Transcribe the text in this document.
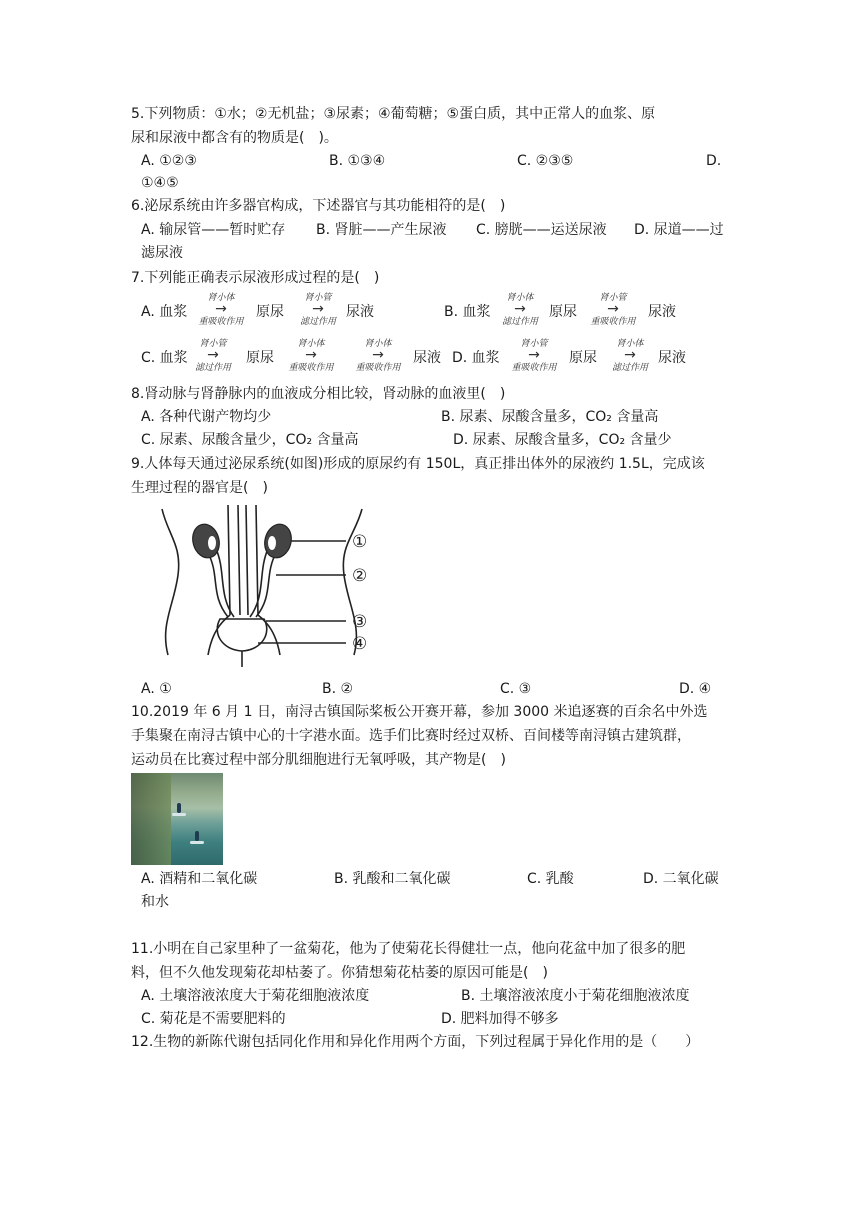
5.下列物质：①水；②无机盐；③尿素；④葡萄糖；⑤蛋白质，其中正常人的血浆、原
尿和尿液中都含有的物质是(　)。
A. ①②③	B. ①③④	C. ②③⑤	D.
①④⑤
6.泌尿系统由许多器官构成，下述器官与其功能相符的是(　)
A. 输尿管——暂时贮存 B. 肾脏——产生尿液 C. 膀胱——运送尿液 D. 尿道——过
滤尿液
7.下列能正确表示尿液形成过程的是(　)
A. 血浆
肾小体
→
重吸收作用
原尿
肾小管
→
滤过作用
尿液	B. 血浆
肾小体
→
滤过作用
原尿
肾小管
→
重吸收作用
尿液
C. 血浆
肾小管
→
滤过作用
原尿
肾小体
→
重吸收作用
肾小体
→
重吸收作用
尿液 D. 血浆
肾小管
→
重吸收作用
原尿
肾小体
→
滤过作用
尿液
8.肾动脉与肾静脉内的血液成分相比较，肾动脉的血液里(　)
A. 各种代谢产物均少	B. 尿素、尿酸含量多，CO₂ 含量高
C. 尿素、尿酸含量少，CO₂ 含量高	D. 尿素、尿酸含量多，CO₂ 含量少
9.人体每天通过泌尿系统(如图)形成的原尿约有 150L，真正排出体外的尿液约 1.5L，完成该
生理过程的器官是(　)
①
②
③
④
A. ①	B. ②	C. ③	D. ④
10.2019 年 6 月 1 日，南浔古镇国际桨板公开赛开幕，参加 3000 米追逐赛的百余名中外选
手集聚在南浔古镇中心的十字港水面。选手们比赛时经过双桥、百间楼等南浔镇古建筑群，
运动员在比赛过程中部分肌细胞进行无氧呼吸，其产物是(　)
A. 酒精和二氧化碳	B. 乳酸和二氧化碳	C. 乳酸	D. 二氧化碳
和水
11.小明在自己家里种了一盆菊花，他为了使菊花长得健壮一点，他向花盆中加了很多的肥
料，但不久他发现菊花却枯萎了。你猜想菊花枯萎的原因可能是(　)
A. 土壤溶液浓度大于菊花细胞液浓度	B. 土壤溶液浓度小于菊花细胞液浓度
C. 菊花是不需要肥料的	D. 肥料加得不够多
12.生物的新陈代谢包括同化作用和异化作用两个方面，下列过程属于异化作用的是（　　）
